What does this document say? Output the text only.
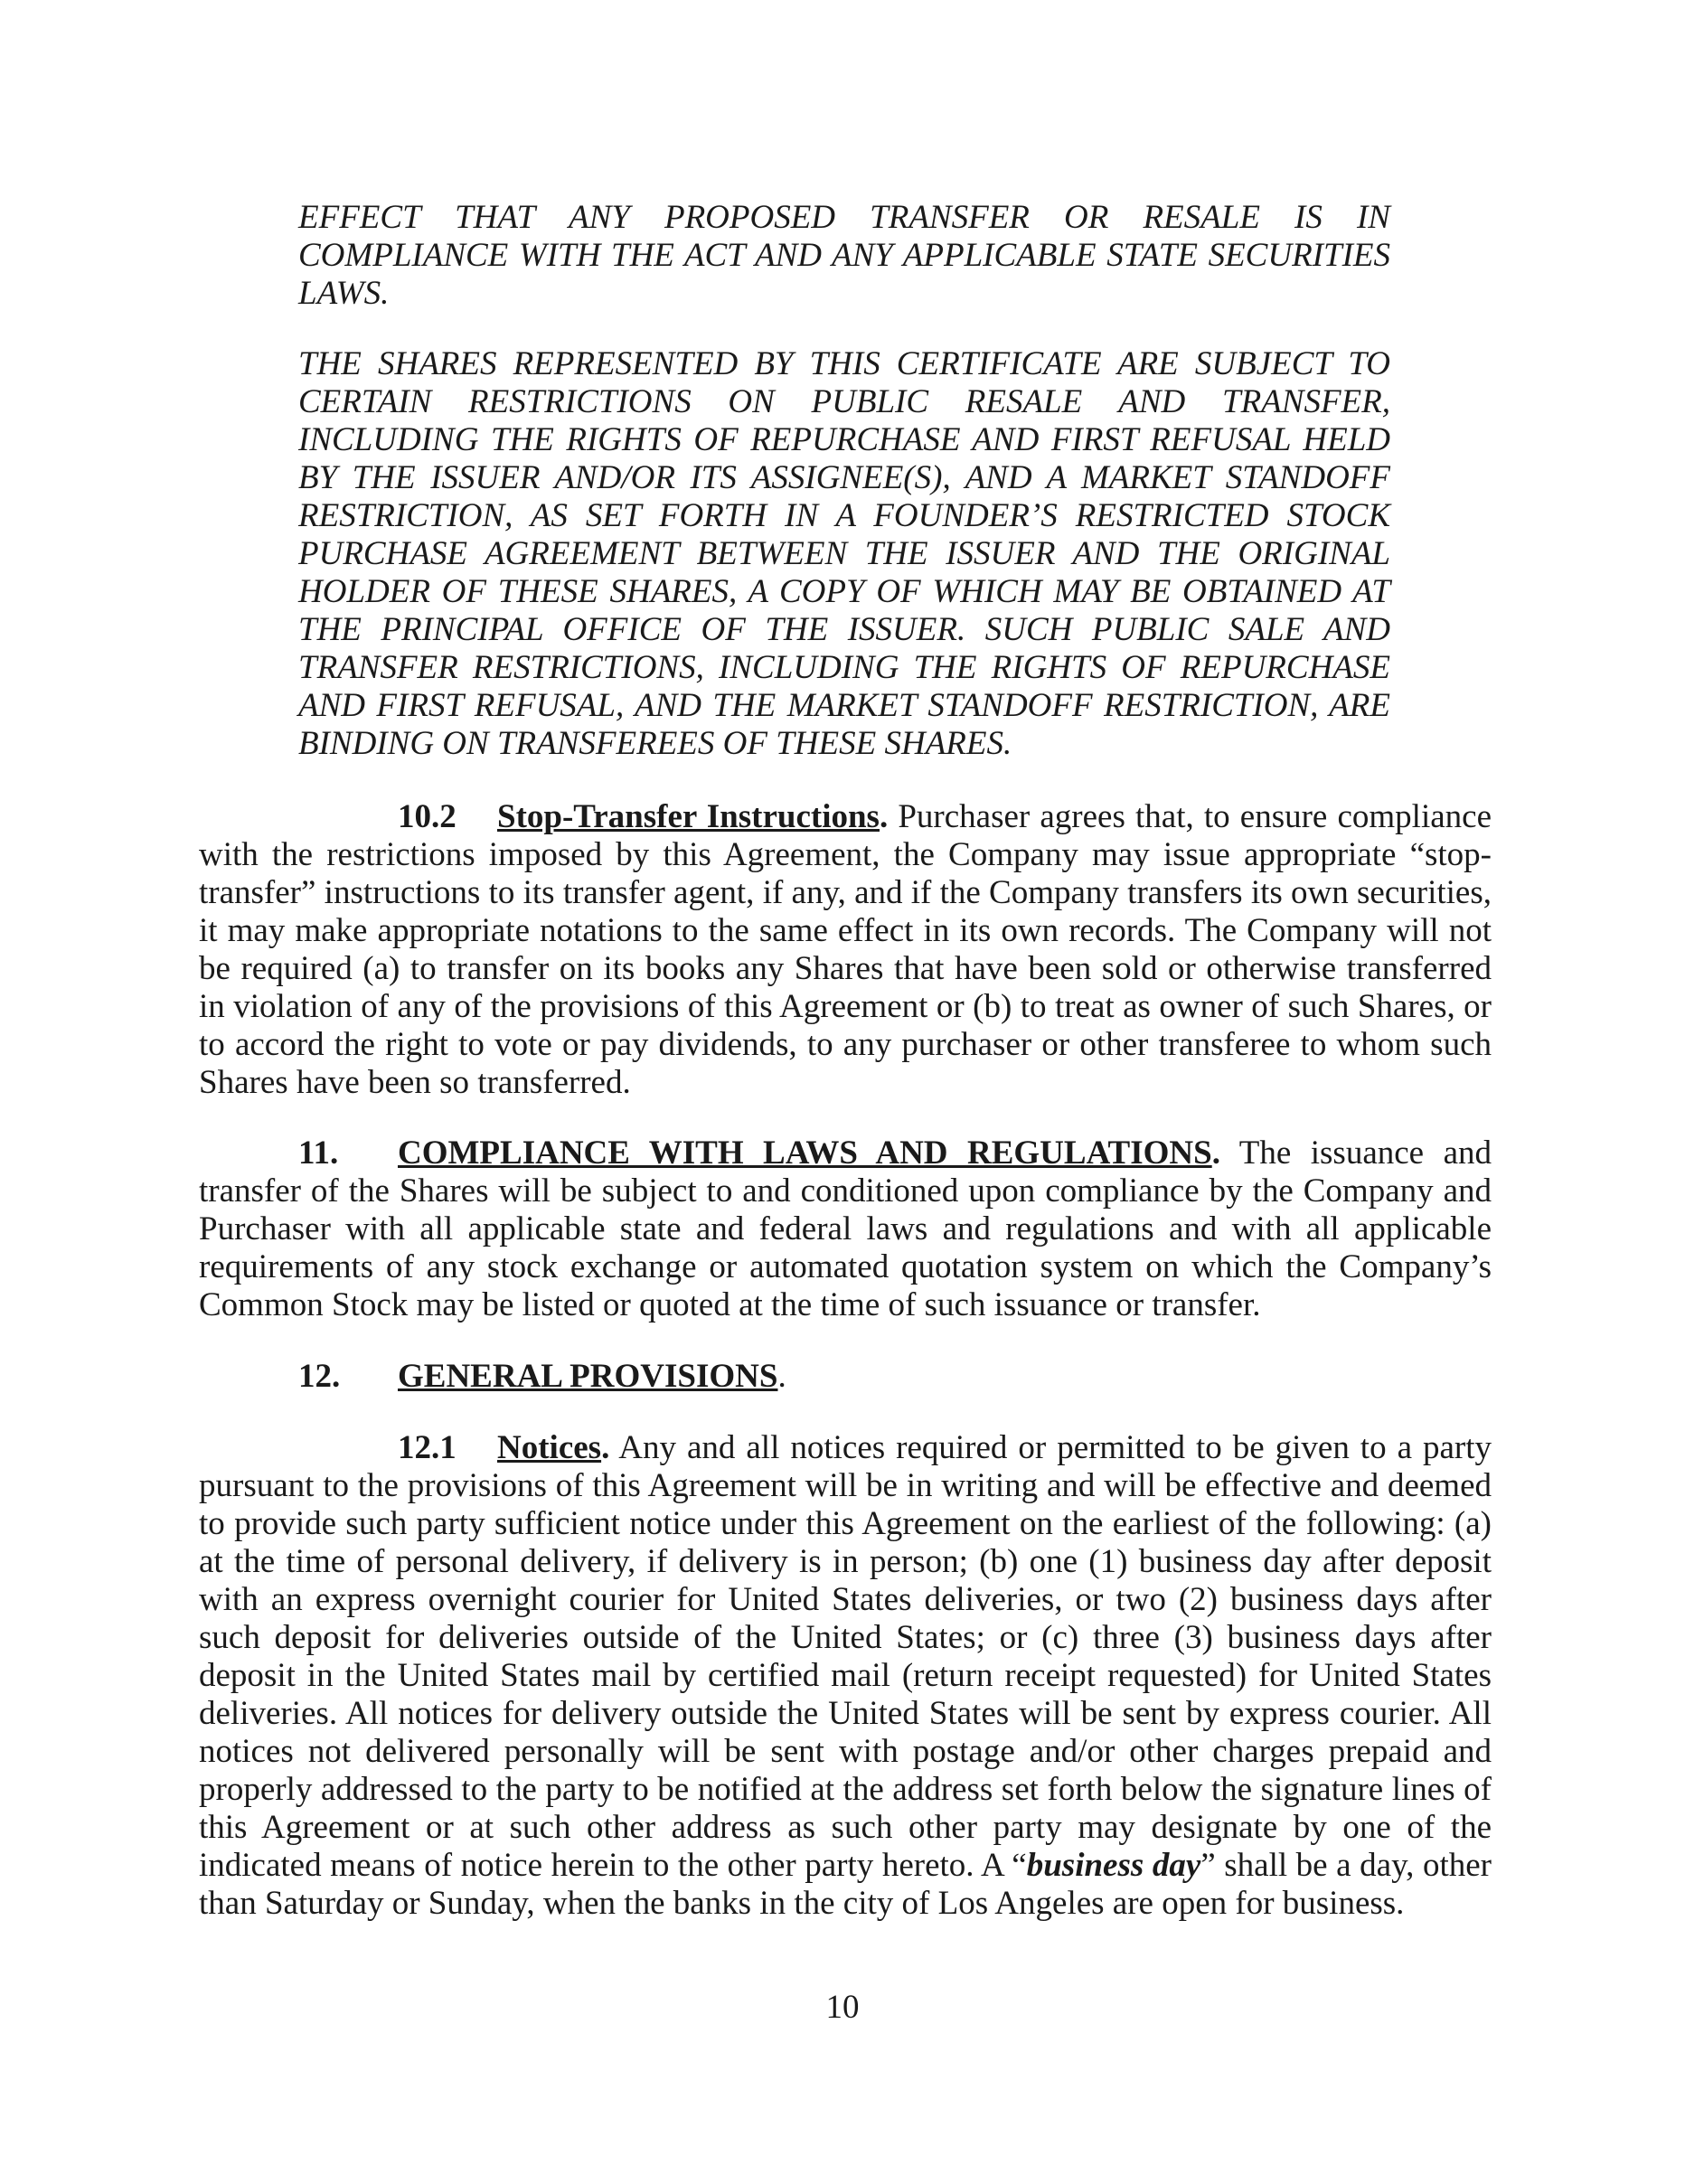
EFFECT THAT ANY PROPOSED TRANSFER OR RESALE IS IN COMPLIANCE WITH THE ACT AND ANY APPLICABLE STATE SECURITIES LAWS.

THE SHARES REPRESENTED BY THIS CERTIFICATE ARE SUBJECT TO CERTAIN RESTRICTIONS ON PUBLIC RESALE AND TRANSFER, INCLUDING THE RIGHTS OF REPURCHASE AND FIRST REFUSAL HELD BY THE ISSUER AND/OR ITS ASSIGNEE(S), AND A MARKET STANDOFF RESTRICTION, AS SET FORTH IN A FOUNDER’S RESTRICTED STOCK PURCHASE AGREEMENT BETWEEN THE ISSUER AND THE ORIGINAL HOLDER OF THESE SHARES, A COPY OF WHICH MAY BE OBTAINED AT THE PRINCIPAL OFFICE OF THE ISSUER. SUCH PUBLIC SALE AND TRANSFER RESTRICTIONS, INCLUDING THE RIGHTS OF REPURCHASE AND FIRST REFUSAL, AND THE MARKET STANDOFF RESTRICTION, ARE BINDING ON TRANSFEREES OF THESE SHARES.

10.2 Stop-Transfer Instructions. Purchaser agrees that, to ensure compliance with the restrictions imposed by this Agreement, the Company may issue appropriate “stop-transfer” instructions to its transfer agent, if any, and if the Company transfers its own securities, it may make appropriate notations to the same effect in its own records. The Company will not be required (a) to transfer on its books any Shares that have been sold or otherwise transferred in violation of any of the provisions of this Agreement or (b) to treat as owner of such Shares, or to accord the right to vote or pay dividends, to any purchaser or other transferee to whom such Shares have been so transferred.

11. COMPLIANCE WITH LAWS AND REGULATIONS. The issuance and transfer of the Shares will be subject to and conditioned upon compliance by the Company and Purchaser with all applicable state and federal laws and regulations and with all applicable requirements of any stock exchange or automated quotation system on which the Company’s Common Stock may be listed or quoted at the time of such issuance or transfer.

12. GENERAL PROVISIONS.

12.1 Notices. Any and all notices required or permitted to be given to a party pursuant to the provisions of this Agreement will be in writing and will be effective and deemed to provide such party sufficient notice under this Agreement on the earliest of the following: (a) at the time of personal delivery, if delivery is in person; (b) one (1) business day after deposit with an express overnight courier for United States deliveries, or two (2) business days after such deposit for deliveries outside of the United States; or (c) three (3) business days after deposit in the United States mail by certified mail (return receipt requested) for United States deliveries. All notices for delivery outside the United States will be sent by express courier. All notices not delivered personally will be sent with postage and/or other charges prepaid and properly addressed to the party to be notified at the address set forth below the signature lines of this Agreement or at such other address as such other party may designate by one of the indicated means of notice herein to the other party hereto. A “business day” shall be a day, other than Saturday or Sunday, when the banks in the city of Los Angeles are open for business.

10
